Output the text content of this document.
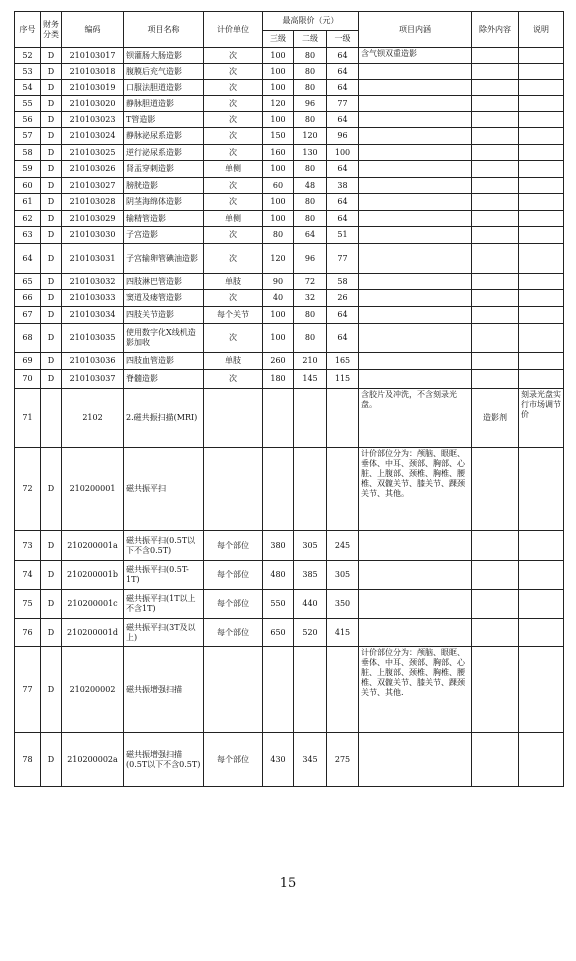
序号	财务分类	编码	项目名称	计价单位	最高限价（元）			项目内涵	除外内容	说明
					三级	二级	一级			
52	D	210103017	钡灌肠大肠造影	次	100	80	64	含气钡双重造影		
53	D	210103018	腹膜后充气造影	次	100	80	64			
54	D	210103019	口服法胆道造影	次	100	80	64			
55	D	210103020	静脉胆道造影	次	120	96	77			
56	D	210103023	T管造影	次	100	80	64			
57	D	210103024	静脉泌尿系造影	次	150	120	96			
58	D	210103025	逆行泌尿系造影	次	160	130	100			
59	D	210103026	肾盂穿刺造影	单侧	100	80	64			
60	D	210103027	膀胱造影	次	60	48	38			
61	D	210103028	阴茎海绵体造影	次	100	80	64			
62	D	210103029	输精管造影	单侧	100	80	64			
63	D	210103030	子宫造影	次	80	64	51			
64	D	210103031	子宫输卵管碘油造影	次	120	96	77			
65	D	210103032	四肢淋巴管造影	单肢	90	72	58			
66	D	210103033	窦道及瘘管造影	次	40	32	26			
67	D	210103034	四肢关节造影	每个关节	100	80	64			
68	D	210103035	使用数字化X线机造影加收	次	100	80	64			
69	D	210103036	四肢血管造影	单肢	260	210	165			
70	D	210103037	脊髓造影	次	180	145	115			
71		2102	2.磁共振扫描(MRI)					含胶片及冲洗，不含刻录光盘。	造影剂	刻录光盘实行市场调节价
72	D	210200001	磁共振平扫					计价部位分为：颅脑、眼眶、垂体、中耳、颈部、胸部、心脏、上腹部、颈椎、胸椎、腰椎、双髋关节、膝关节、踝颈关节、其他。		
73	D	210200001a	磁共振平扫(0.5T以下不含0.5T)	每个部位	380	305	245			
74	D	210200001b	磁共振平扫(0.5T-1T)	每个部位	480	385	305			
75	D	210200001c	磁共振平扫(1T以上不含1T)	每个部位	550	440	350			
76	D	210200001d	磁共振平扫(3T及以上)	每个部位	650	520	415			
77	D	210200002	磁共振增强扫描					计价部位分为：颅脑、眼眶、垂体、中耳、颈部、胸部、心脏、上腹部、颈椎、胸椎、腰椎、双髋关节、膝关节、踝颈关节、其他.		
78	D	210200002a	磁共振增强扫描(0.5T以下不含0.5T)	每个部位	430	345	275			
15
